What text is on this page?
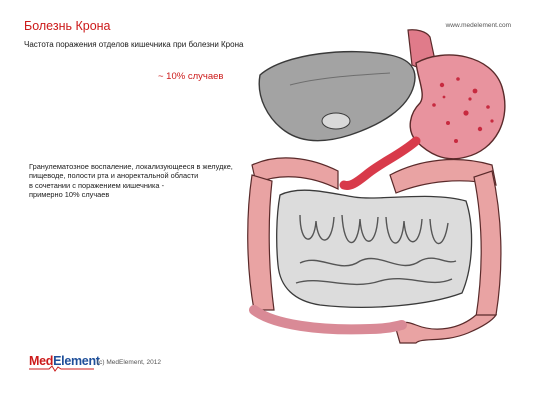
Болезнь Крона

Частота поражения отделов кишечника при болезни Крона

www.medelement.com
~ 10% случаев
Гранулематозное воспаление, локализующееся в желудке,
пищеводе, полости рта и аноректальной области
в сочетании с поражением кишечника -
примерно 10% случаев
MedElement
(c) MedElement, 2012
